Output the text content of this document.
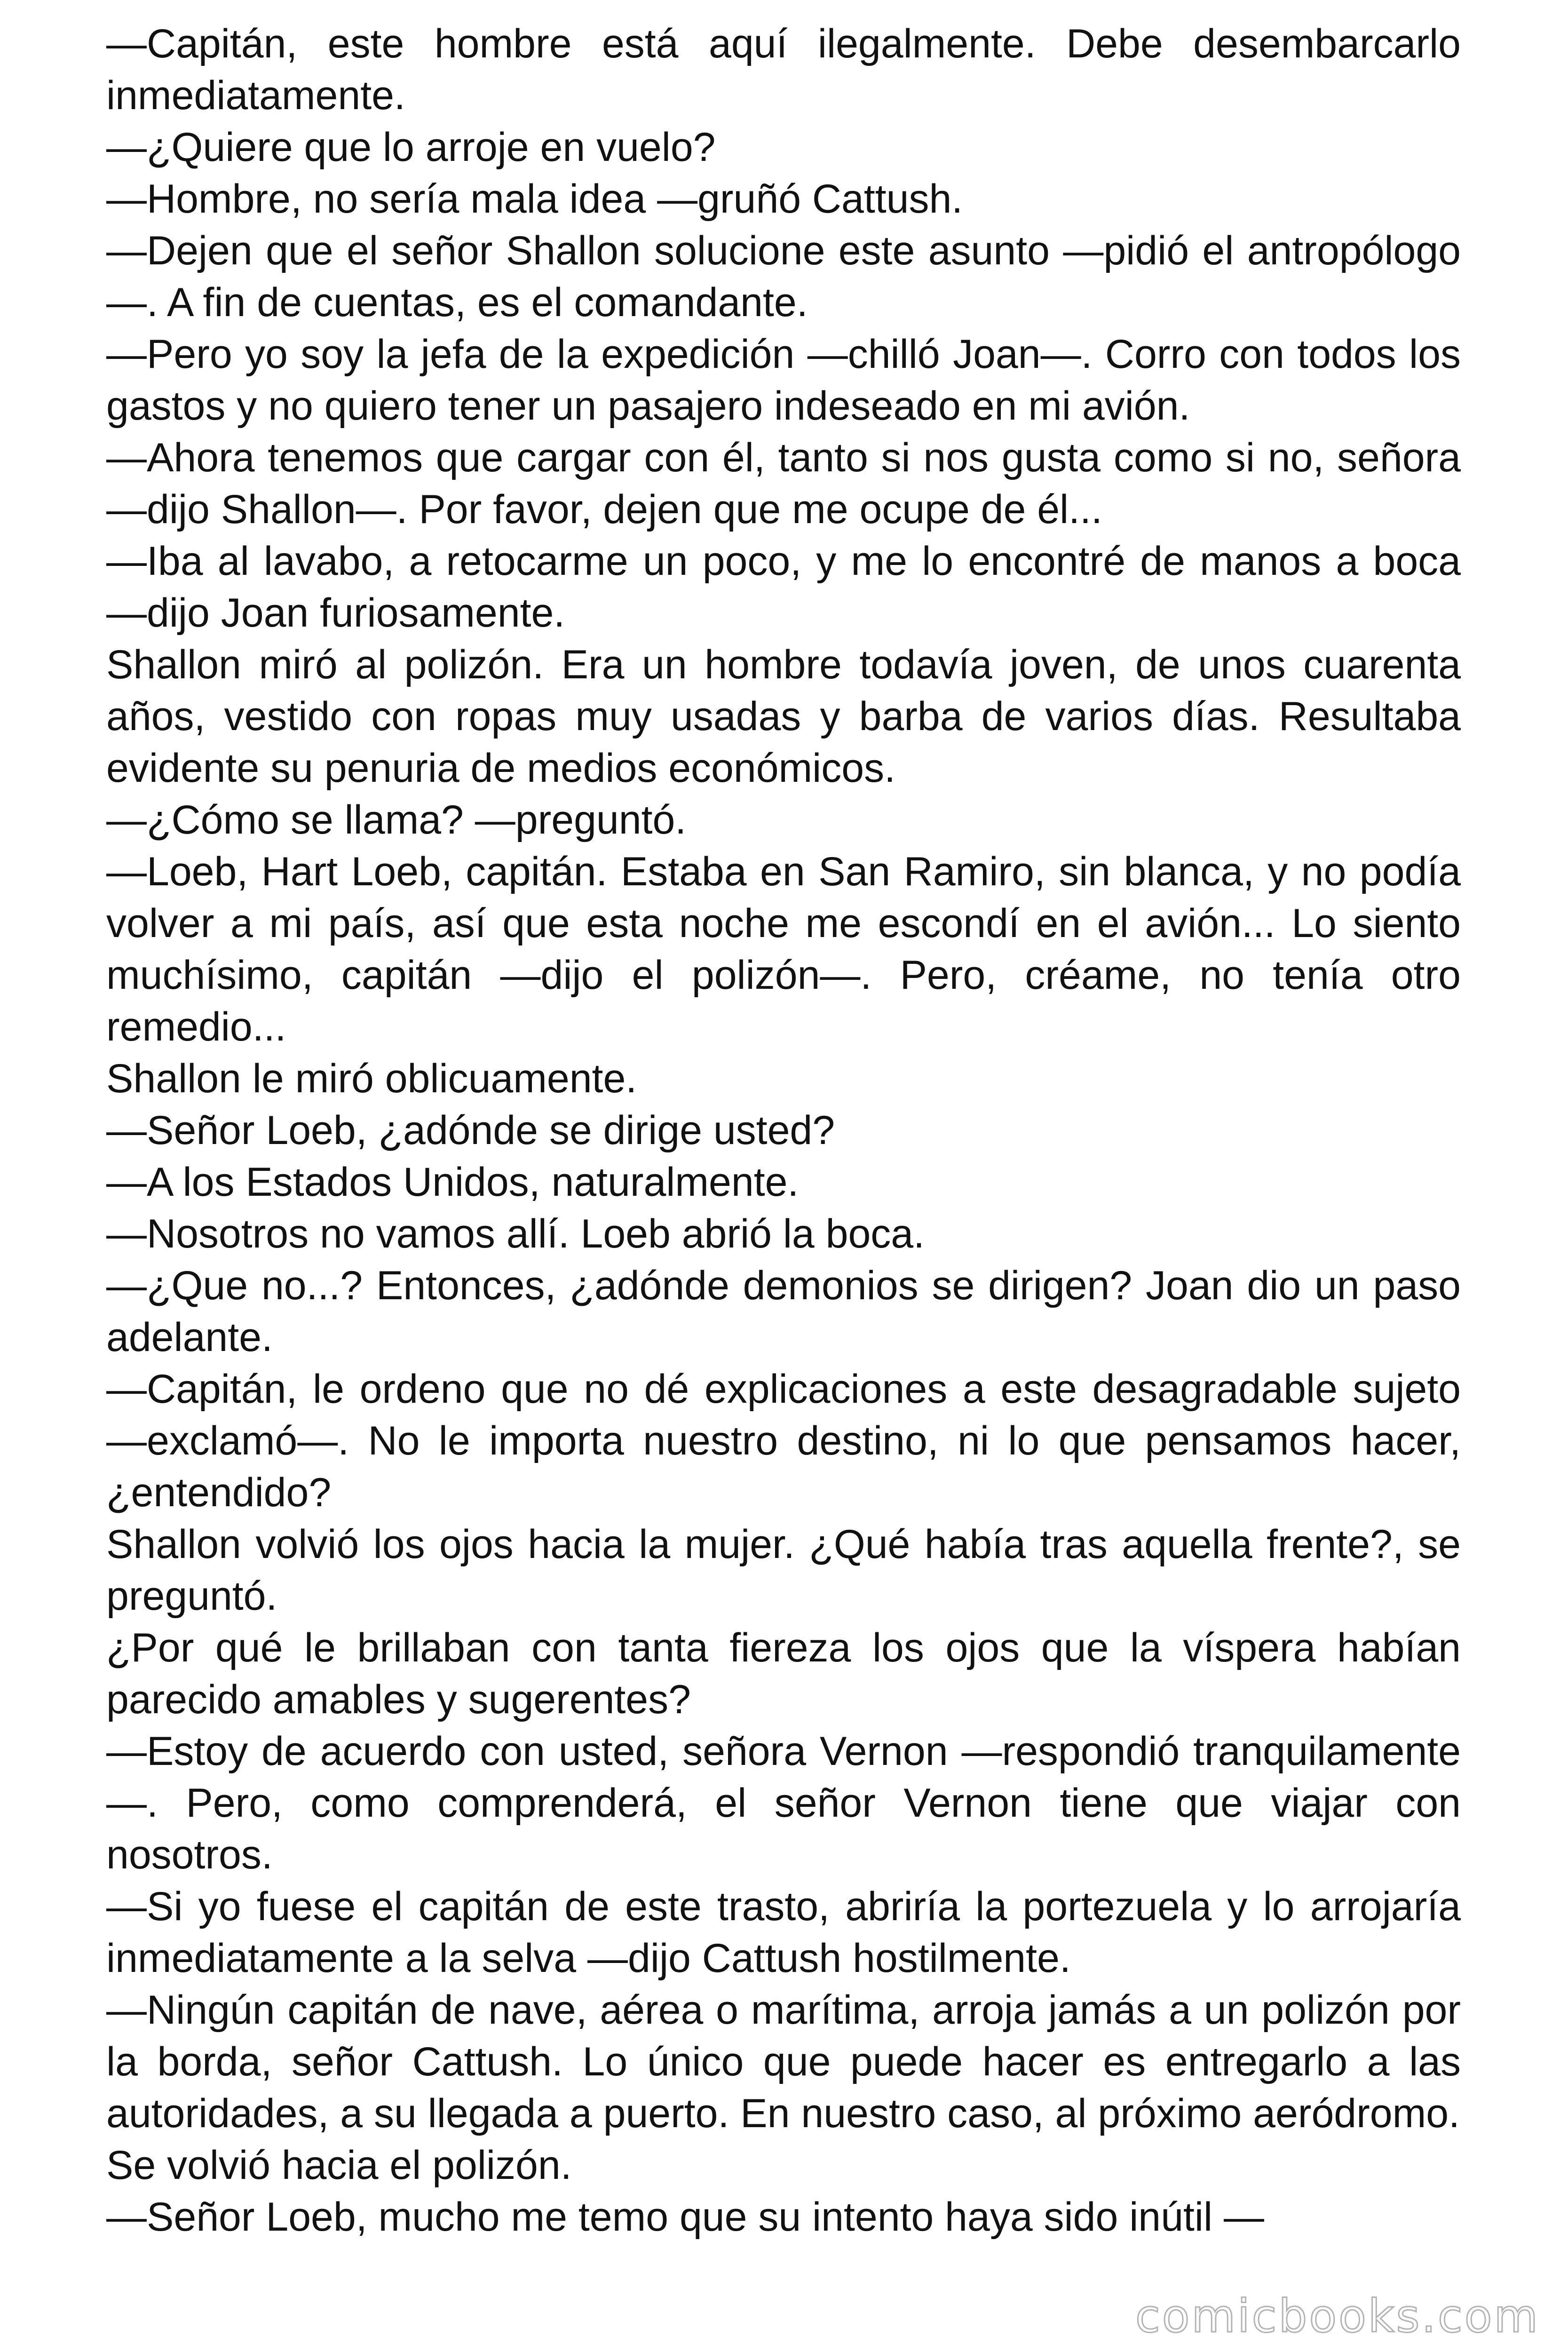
—Capitán, este hombre está aquí ilegalmente. Debe desembarcarlo inmediatamente.

—¿Quiere que lo arroje en vuelo?

—Hombre, no sería mala idea —gruñó Cattush.

—Dejen que el señor Shallon solucione este asunto —pidió el antropólogo—. A fin de cuentas, es el comandante.

—Pero yo soy la jefa de la expedición —chilló Joan—. Corro con todos los gastos y no quiero tener un pasajero indeseado en mi avión.

—Ahora tenemos que cargar con él, tanto si nos gusta como si no, señora —dijo Shallon—. Por favor, dejen que me ocupe de él...

—Iba al lavabo, a retocarme un poco, y me lo encontré de manos a boca —dijo Joan furiosamente.

Shallon miró al polizón. Era un hombre todavía joven, de unos cuarenta años, vestido con ropas muy usadas y barba de varios días. Resultaba evidente su penuria de medios económicos.

—¿Cómo se llama? —preguntó.

—Loeb, Hart Loeb, capitán. Estaba en San Ramiro, sin blanca, y no podía volver a mi país, así que esta noche me escondí en el avión... Lo siento muchísimo, capitán —dijo el polizón—. Pero, créame, no tenía otro remedio...

Shallon le miró oblicuamente.

—Señor Loeb, ¿adónde se dirige usted?

—A los Estados Unidos, naturalmente.

—Nosotros no vamos allí. Loeb abrió la boca.

—¿Que no...? Entonces, ¿adónde demonios se dirigen? Joan dio un paso adelante.

—Capitán, le ordeno que no dé explicaciones a este desagradable sujeto —exclamó—. No le importa nuestro destino, ni lo que pensamos hacer, ¿entendido?

Shallon volvió los ojos hacia la mujer. ¿Qué había tras aquella frente?, se preguntó.

¿Por qué le brillaban con tanta fiereza los ojos que la víspera habían parecido amables y sugerentes?

—Estoy de acuerdo con usted, señora Vernon —respondió tranquilamente—. Pero, como comprenderá, el señor Vernon tiene que viajar con nosotros.

—Si yo fuese el capitán de este trasto, abriría la portezuela y lo arrojaría inmediatamente a la selva —dijo Cattush hostilmente.

—Ningún capitán de nave, aérea o marítima, arroja jamás a un polizón por la borda, señor Cattush. Lo único que puede hacer es entregarlo a las autoridades, a su llegada a puerto. En nuestro caso, al próximo aeródromo.

Se volvió hacia el polizón.

—Señor Loeb, mucho me temo que su intento haya sido inútil —

comicbooks.com
